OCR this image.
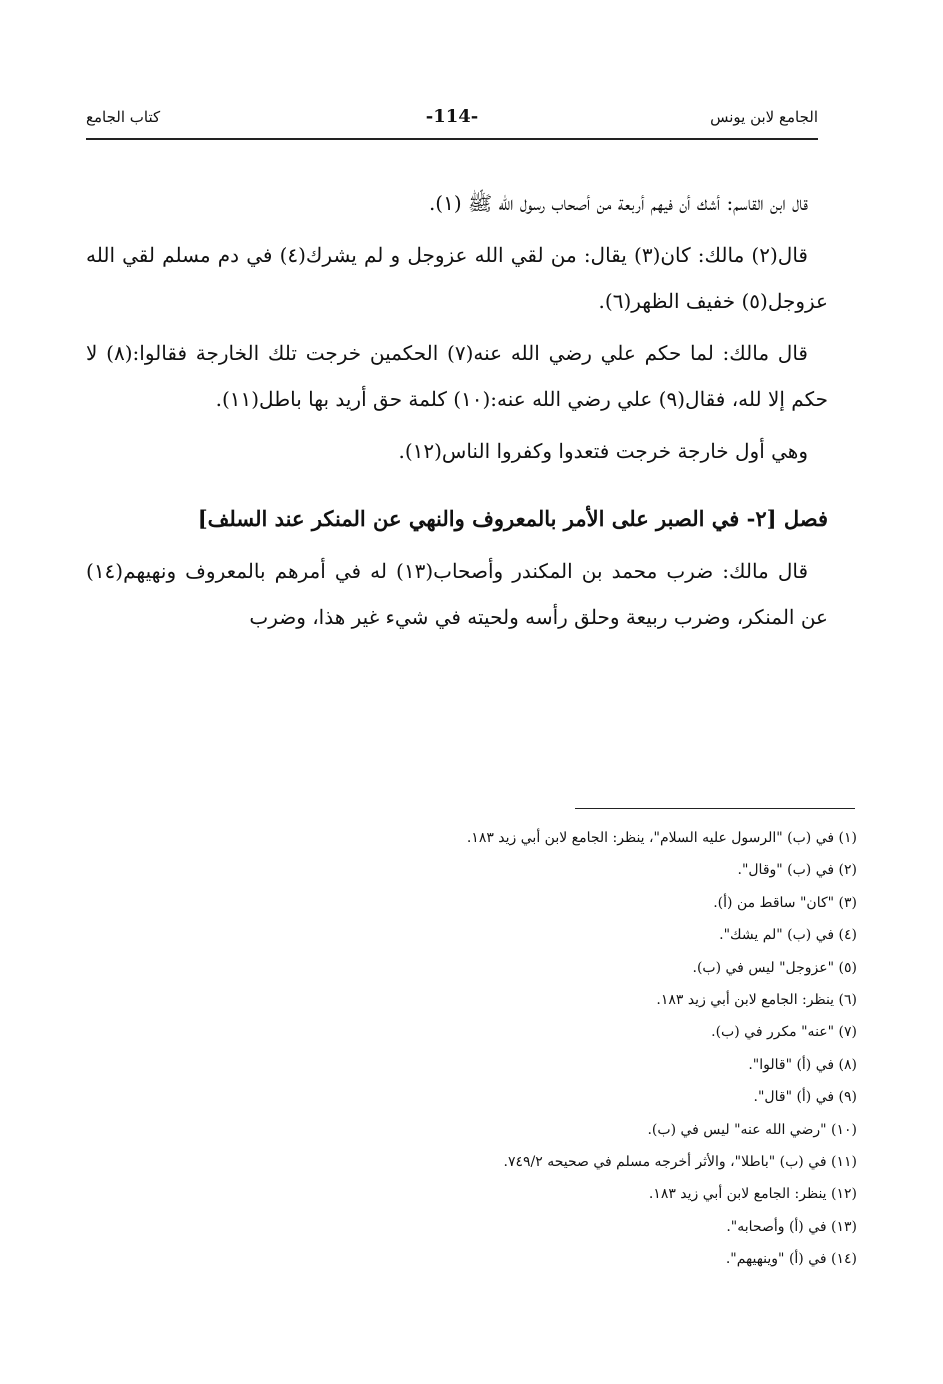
الجامع لابن يونس
-114-
كتاب الجامع

قال ابن القاسم: أشك أن فيهم أربعة من أصحاب رسول الله ﷺ (١).

قال(٢) مالك: كان(٣) يقال: من لقي الله عزوجل و لم يشرك(٤) في دم مسلم لقي الله عزوجل(٥) خفيف الظهر(٦).

قال مالك: لما حكم علي رضي الله عنه(٧) الحكمين خرجت تلك الخارجة فقالوا:(٨) لا حكم إلا لله، فقال(٩) علي رضي الله عنه:(١٠) كلمة حق أريد بها باطل(١١).

وهي أول خارجة خرجت فتعدوا وكفروا الناس(١٢).

فصل [٢- في الصبر على الأمر بالمعروف والنهي عن المنكر عند السلف]

قال مالك: ضرب محمد بن المكندر وأصحاب(١٣) له في أمرهم بالمعروف ونهيهم(١٤) عن المنكر، وضرب ربيعة وحلق رأسه ولحيته في شيء غير هذا، وضرب

(١) في (ب) "الرسول عليه السلام"، ينظر: الجامع لابن أبي زيد ١٨٣.
(٢) في (ب) "وقال".
(٣) "كان" ساقط من (أ).
(٤) في (ب) "لم يشك".
(٥) "عزوجل" ليس في (ب).
(٦) ينظر: الجامع لابن أبي زيد ١٨٣.
(٧) "عنه" مكرر في (ب).
(٨) في (أ) "قالوا".
(٩) في (أ) "قال".
(١٠) "رضي الله عنه" ليس في (ب).
(١١) في (ب) "باطلا"، والأثر أخرجه مسلم في صحيحه ٧٤٩/٢.
(١٢) ينظر: الجامع لابن أبي زيد ١٨٣.
(١٣) في (أ) وأصحابه".
(١٤) في (أ) "وينهيهم".
